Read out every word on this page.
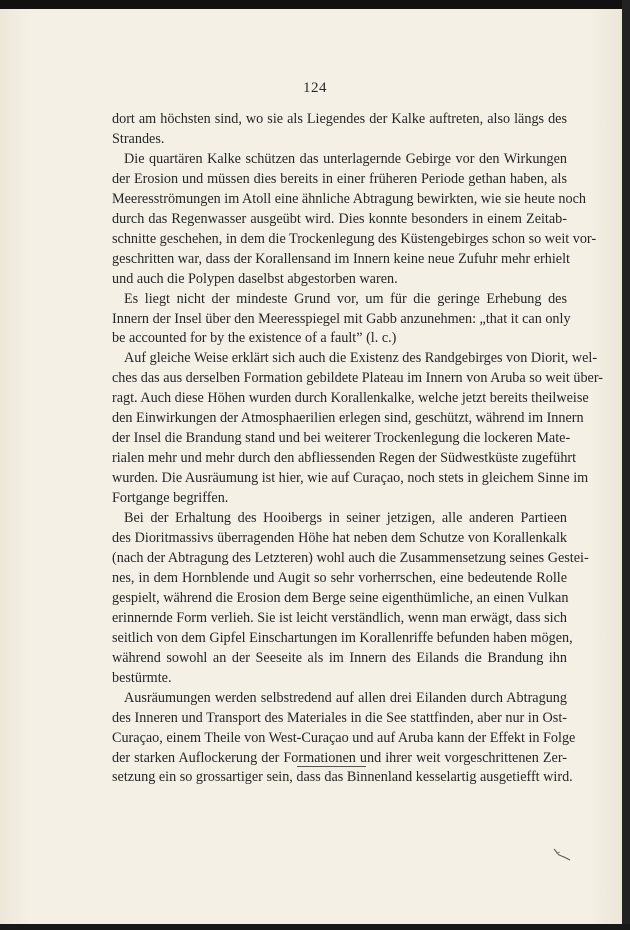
124

dort am höchsten sind, wo sie als Liegendes der Kalke auftreten, also längs des
Strandes.

Die quartären Kalke schützen das unterlagernde Gebirge vor den Wirkungen
der Erosion und müssen dies bereits in einer früheren Periode gethan haben, als
Meeresströmungen im Atoll eine ähnliche Abtragung bewirkten, wie sie heute noch
durch das Regenwasser ausgeübt wird. Dies konnte besonders in einem Zeitab-
schnitte geschehen, in dem die Trockenlegung des Küstengebirges schon so weit vor-
geschritten war, dass der Korallensand im Innern keine neue Zufuhr mehr erhielt
und auch die Polypen daselbst abgestorben waren.

Es liegt nicht der mindeste Grund vor, um für die geringe Erhebung des
Innern der Insel über den Meeresspiegel mit Gabb anzunehmen: „that it can only
be accounted for by the existence of a fault” (l. c.)

Auf gleiche Weise erklärt sich auch die Existenz des Randgebirges von Diorit, wel-
ches das aus derselben Formation gebildete Plateau im Innern von Aruba so weit über-
ragt. Auch diese Höhen wurden durch Korallenkalke, welche jetzt bereits theilweise
den Einwirkungen der Atmosphaerilien erlegen sind, geschützt, während im Innern
der Insel die Brandung stand und bei weiterer Trockenlegung die lockeren Mate-
rialen mehr und mehr durch den abfliessenden Regen der Südwestküste zugeführt
wurden. Die Ausräumung ist hier, wie auf Curaçao, noch stets in gleichem Sinne im
Fortgange begriffen.

Bei der Erhaltung des Hooibergs in seiner jetzigen, alle anderen Partieen
des Dioritmassivs überragenden Höhe hat neben dem Schutze von Korallenkalk
(nach der Abtragung des Letzteren) wohl auch die Zusammensetzung seines Gestei-
nes, in dem Hornblende und Augit so sehr vorherrschen, eine bedeutende Rolle
gespielt, während die Erosion dem Berge seine eigenthümliche, an einen Vulkan
erinnernde Form verlieh. Sie ist leicht verständlich, wenn man erwägt, dass sich
seitlich von dem Gipfel Einschartungen im Korallenriffe befunden haben mögen,
während sowohl an der Seeseite als im Innern des Eilands die Brandung ihn
bestürmte.

Ausräumungen werden selbstredend auf allen drei Eilanden durch Abtragung
des Inneren und Transport des Materiales in die See stattfinden, aber nur in Ost-
Curaçao, einem Theile von West-Curaçao und auf Aruba kann der Effekt in Folge
der starken Auflockerung der Formationen und ihrer weit vorgeschrittenen Zer-
setzung ein so grossartiger sein, dass das Binnenland kesselartig ausgetiefft wird.
